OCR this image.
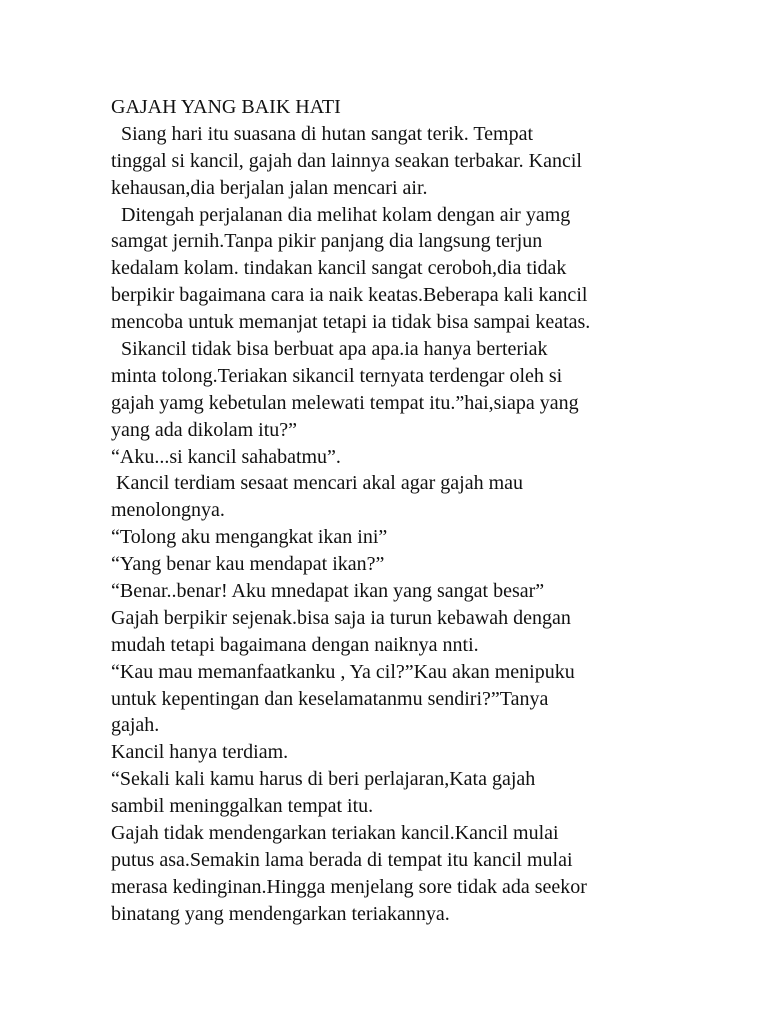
GAJAH YANG BAIK HATI
Siang hari itu suasana di hutan sangat terik. Tempat
tinggal si kancil, gajah dan lainnya seakan terbakar. Kancil
kehausan,dia berjalan jalan mencari air.
Ditengah perjalanan dia melihat kolam dengan air yamg
samgat jernih.Tanpa pikir panjang dia langsung terjun
kedalam kolam. tindakan kancil sangat ceroboh,dia tidak
berpikir bagaimana cara ia naik keatas.Beberapa kali kancil
mencoba untuk memanjat tetapi ia tidak bisa sampai keatas.
Sikancil tidak bisa berbuat apa apa.ia hanya berteriak
minta tolong.Teriakan sikancil ternyata terdengar oleh si
gajah yamg kebetulan melewati tempat itu.”hai,siapa yang
yang ada dikolam itu?”
“Aku...si kancil sahabatmu”.
Kancil terdiam sesaat mencari akal agar gajah mau
menolongnya.
“Tolong aku mengangkat ikan ini”
“Yang benar kau mendapat ikan?”
“Benar..benar! Aku mnedapat ikan yang sangat besar”
Gajah berpikir sejenak.bisa saja ia turun kebawah dengan
mudah tetapi bagaimana dengan naiknya nnti.
“Kau mau memanfaatkanku , Ya cil?”Kau akan menipuku
untuk kepentingan dan keselamatanmu sendiri?”Tanya
gajah.
Kancil hanya terdiam.
“Sekali kali kamu harus di beri perlajaran,Kata gajah
sambil meninggalkan tempat itu.
Gajah tidak mendengarkan teriakan kancil.Kancil mulai
putus asa.Semakin lama berada di tempat itu kancil mulai
merasa kedinginan.Hingga menjelang sore tidak ada seekor
binatang yang mendengarkan teriakannya.
